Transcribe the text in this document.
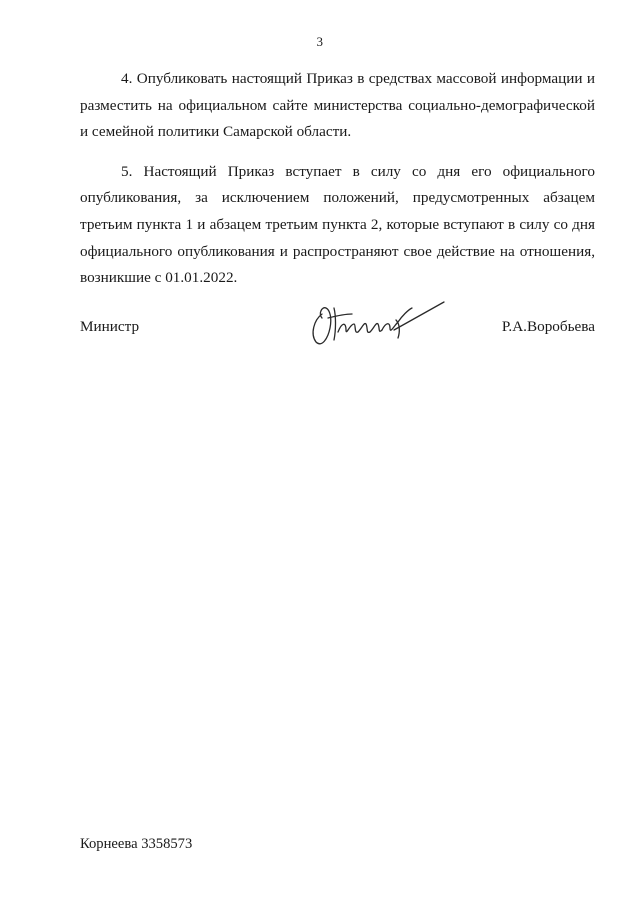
3

4. Опубликовать настоящий Приказ в средствах массовой информации и разместить на официальном сайте министерства социально-демографической и семейной политики Самарской области.

5. Настоящий Приказ вступает в силу со дня его официального опубликования, за исключением положений, предусмотренных абзацем третьим пункта 1 и абзацем третьим пункта 2, которые вступают в силу со дня официального опубликования и распространяют свое действие на отношения, возникшие с 01.01.2022.

Министр	Р.А.Воробьева
Корнеева 3358573
